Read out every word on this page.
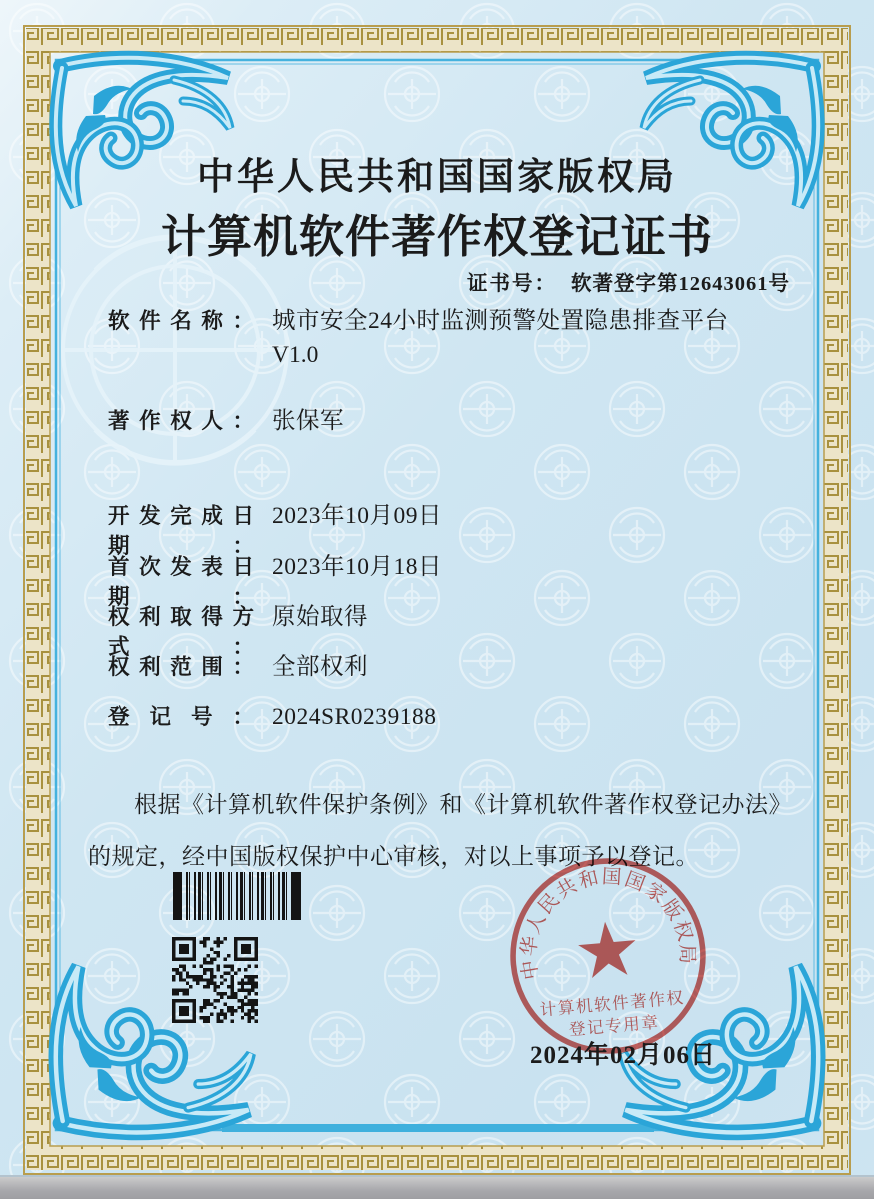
中华人民共和国国家版权局
计算机软件著作权登记证书
证书号： 软著登字第12643061号
软件名称： 城市安全24小时监测预警处置隐患排查平台
V1.0
著作权人： 张保军
开发完成日期：
2023年10月09日
首次发表日期：
2023年10月18日
权利取得方式：
原始取得
权利范围： 全部权利
登记号： 2024SR0239188

根据《计算机软件保护条例》和《计算机软件著作权登记办法》的规定，经中国版权保护中心审核，对以上事项予以登记。

中华人民共和国国家版权局
计算机软件著作权
登记专用章
2024年02月06日
